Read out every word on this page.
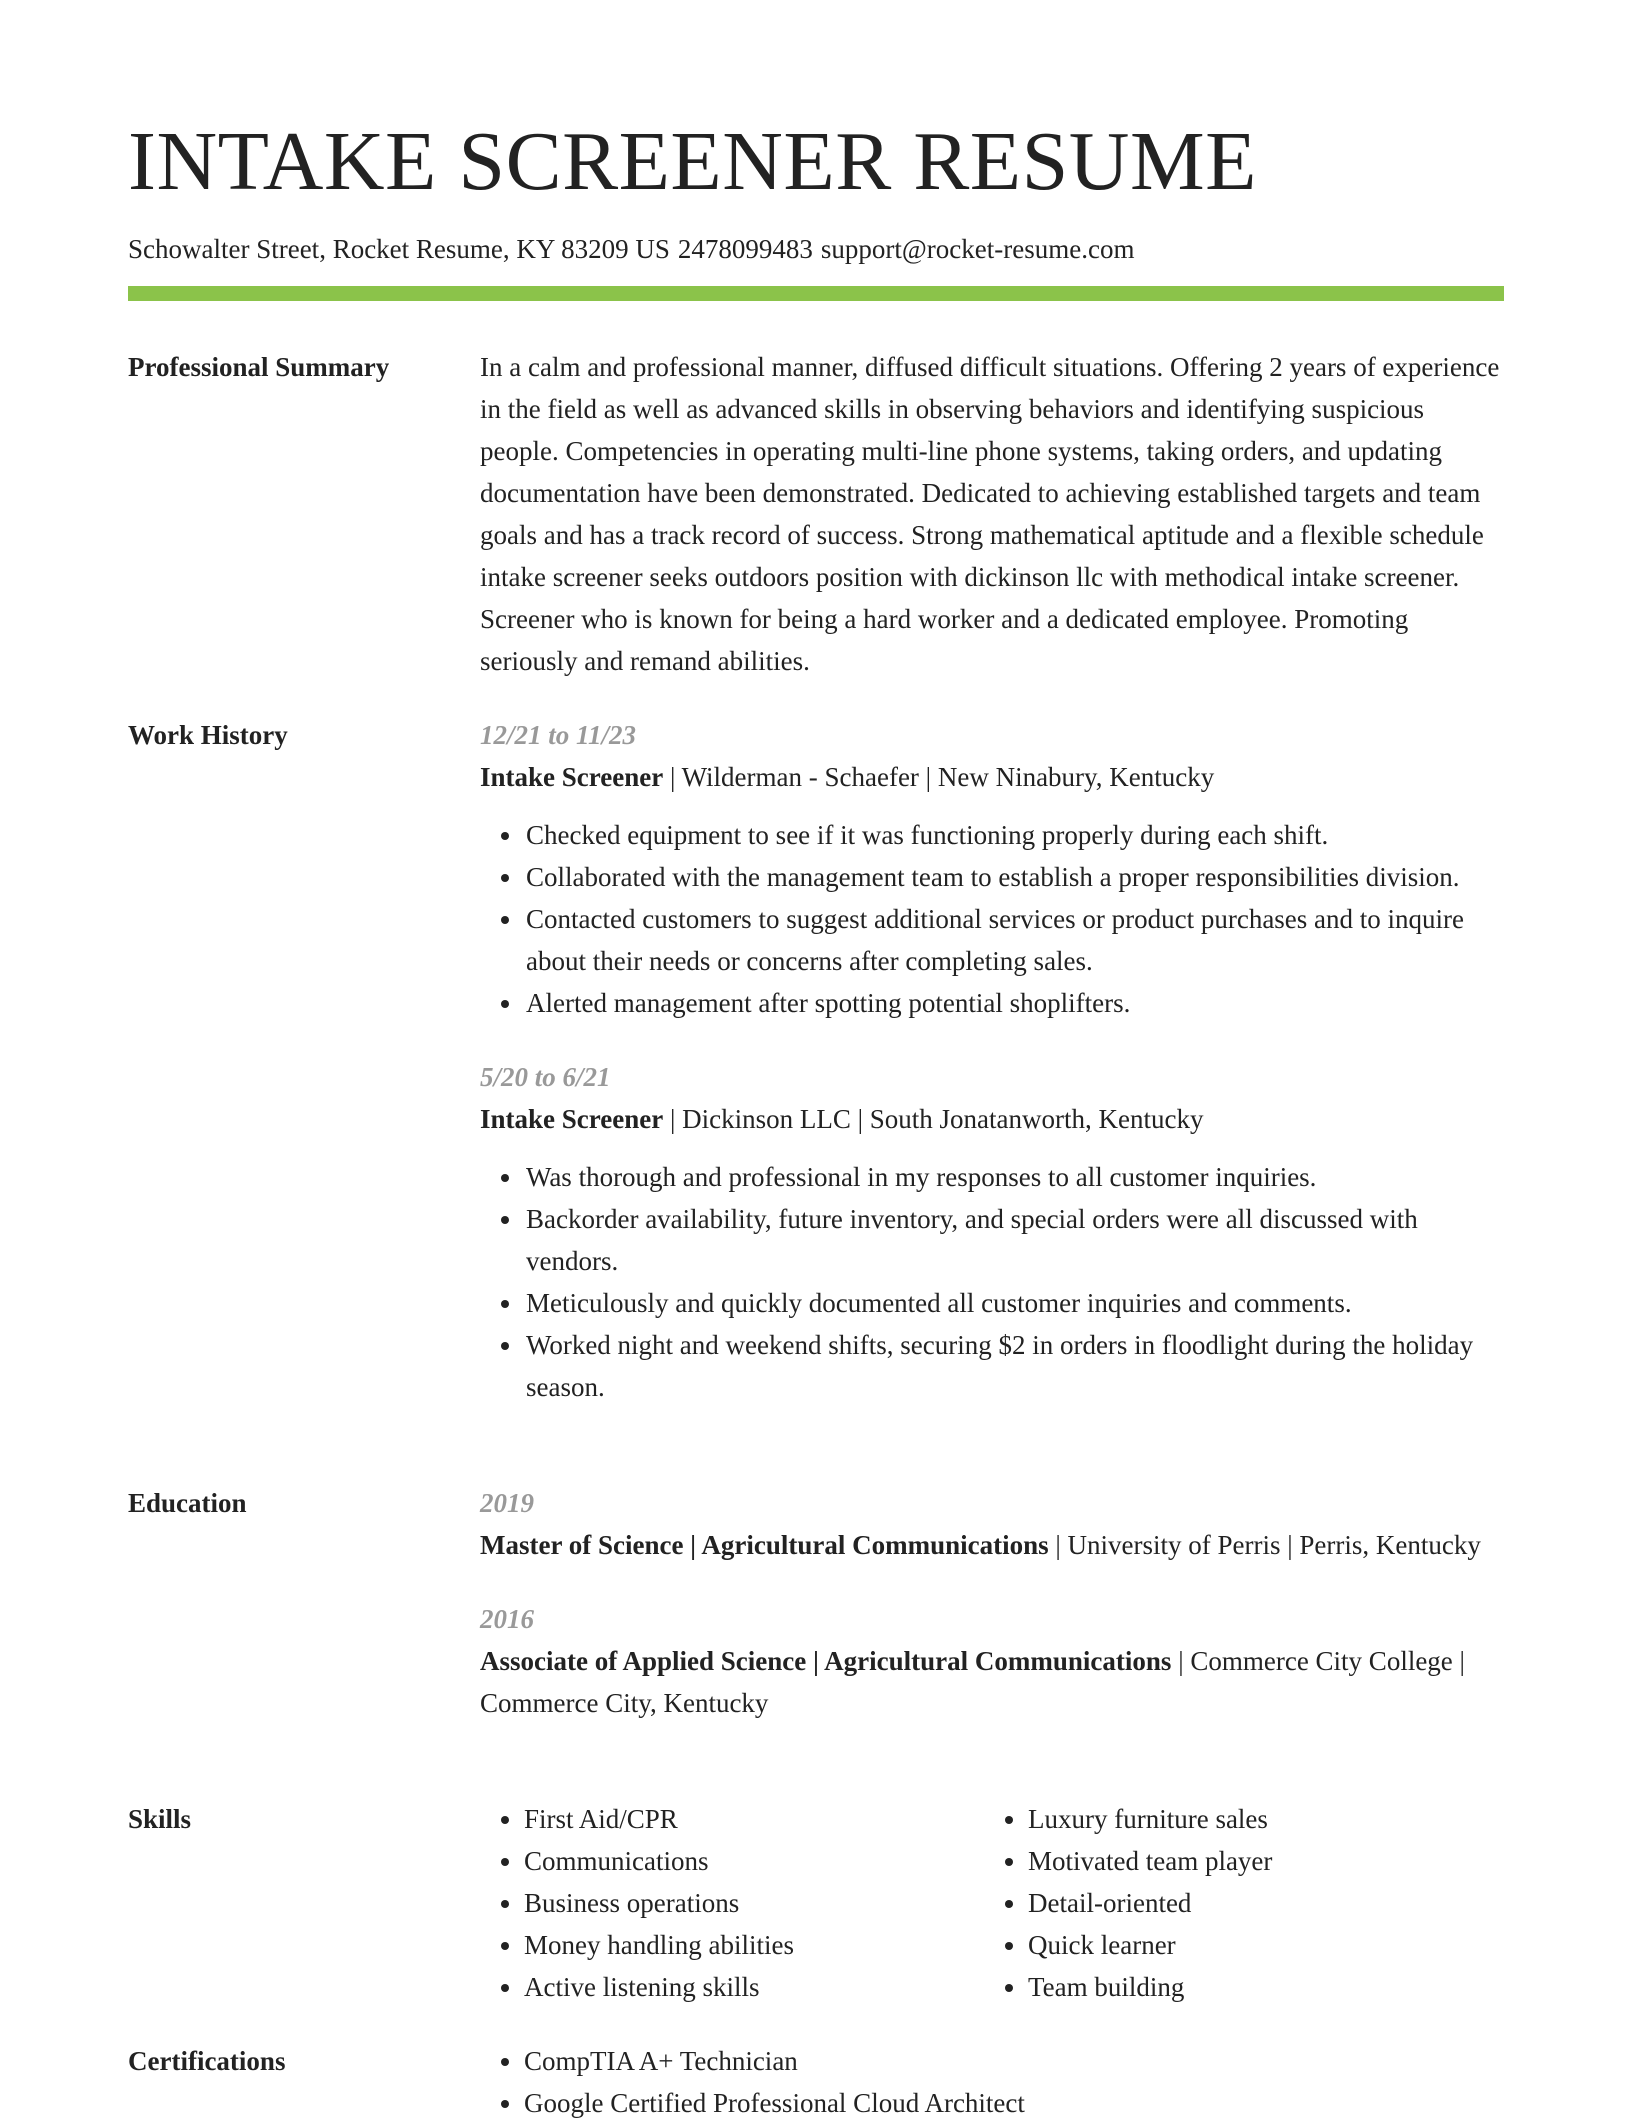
INTAKE SCREENER RESUME
Schowalter Street, Rocket Resume, KY 83209 US 2478099483 support@rocket-resume.com
Professional Summary	In a calm and professional manner, diffused difficult situations. Offering 2 years of experience in the field as well as advanced skills in observing behaviors and identifying suspicious people. Competencies in operating multi-line phone systems, taking orders, and updating documentation have been demonstrated. Dedicated to achieving established targets and team goals and has a track record of success. Strong mathematical aptitude and a flexible schedule intake screener seeks outdoors position with dickinson llc with methodical intake screener. Screener who is known for being a hard worker and a dedicated employee. Promoting seriously and remand abilities.

Work History	12/21 to 11/23
Intake Screener | Wilderman - Schaefer | New Ninabury, Kentucky
• Checked equipment to see if it was functioning properly during each shift.
• Collaborated with the management team to establish a proper responsibilities division.
• Contacted customers to suggest additional services or product purchases and to inquire about their needs or concerns after completing sales.
• Alerted management after spotting potential shoplifters.
5/20 to 6/21
Intake Screener | Dickinson LLC | South Jonatanworth, Kentucky
• Was thorough and professional in my responses to all customer inquiries.
• Backorder availability, future inventory, and special orders were all discussed with vendors.
• Meticulously and quickly documented all customer inquiries and comments.
• Worked night and weekend shifts, securing $2 in orders in floodlight during the holiday season.
Education	2019
Master of Science | Agricultural Communications | University of Perris | Perris, Kentucky
2016
Associate of Applied Science | Agricultural Communications | Commerce City College | Commerce City, Kentucky
Skills	• First Aid/CPR
• Communications
• Business operations
• Money handling abilities
• Active listening skills
• Luxury furniture sales
• Motivated team player
• Detail-oriented
• Quick learner
• Team building
Certifications	• CompTIA A+ Technician
• Google Certified Professional Cloud Architect
